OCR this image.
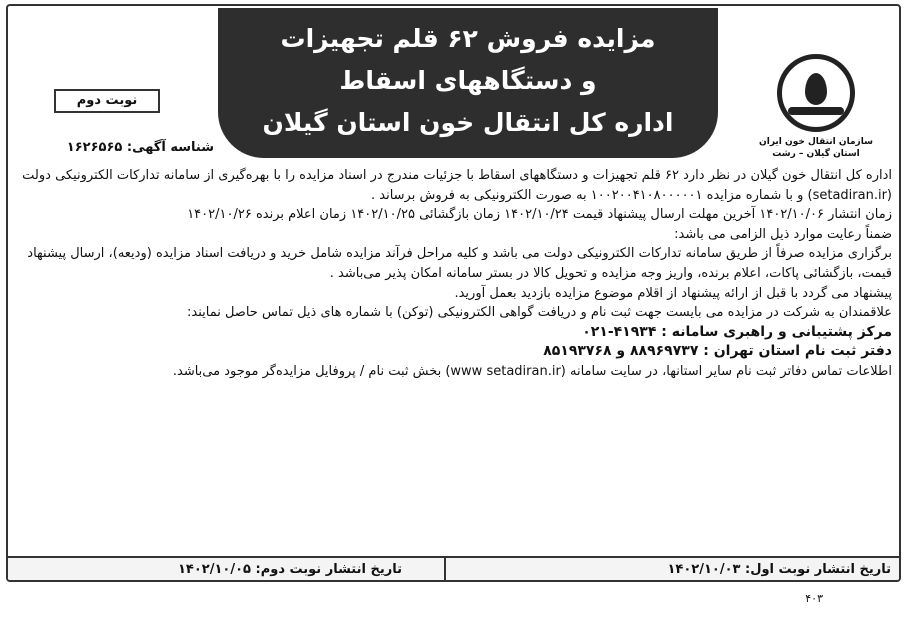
مزایده فروش ۶۲ قلم تجهیزات
و دستگاههای اسقاط
اداره کل انتقال خون استان گیلان
سازمان انتقال خون ایران
استان گیلان – رشت
نوبت دوم
شناسه آگهی: ۱۶۲۶۵۶۵

اداره کل انتقال خون گیلان در نظر دارد ۶۲ قلم تجهیزات و دستگاههای اسقاط با جزئیات مندرج در اسناد مزایده را با بهره‌گیری از سامانه تدارکات الکترونیکی دولت (setadiran.ir) و با شماره مزایده ۱۰۰۲۰۰۴۱۰۸۰۰۰۰۰۱ به صورت الکترونیکی به فروش برساند .

زمان انتشار ۱۴۰۲/۱۰/۰۶ آخرین مهلت ارسال پیشنهاد قیمت ۱۴۰۲/۱۰/۲۴ زمان بازگشائی ۱۴۰۲/۱۰/۲۵ زمان اعلام برنده ۱۴۰۲/۱۰/۲۶

ضمناً رعایت موارد ذیل الزامی می باشد:

برگزاری مزایده صرفاً از طریق سامانه تدارکات الکترونیکی دولت می باشد و کلیه مراحل فرآند مزایده شامل خرید و دریافت اسناد مزایده (ودیعه)، ارسال پیشنهاد قیمت، بازگشائی پاکات، اعلام برنده، واریز وجه مزایده و تحویل کالا در بستر سامانه امکان پذیر می‌باشد .

پیشنهاد می گردد با قبل از ارائه پیشنهاد از اقلام موضوع مزایده بازدید بعمل آورید.

علاقمندان به شرکت در مزایده می بایست جهت ثبت نام و دریافت گواهی الکترونیکی (توکن) با شماره های ذیل تماس حاصل نمایند:

مرکز پشتیبانی و راهبری سامانه : ۴۱۹۳۴-۰۲۱

دفتر ثبت نام استان تهران : ۸۸۹۶۹۷۳۷ و ۸۵۱۹۳۷۶۸

اطلاعات تماس دفاتر ثبت نام سایر استانها، در سایت سامانه (www setadiran.ir) بخش ثبت نام / پروفایل مزایده‌گر موجود می‌باشد.

تاریخ انتشار نوبت اول: ۱۴۰۲/۱۰/۰۳
تاریخ انتشار نوبت دوم: ۱۴۰۲/۱۰/۰۵
۴۰۳
